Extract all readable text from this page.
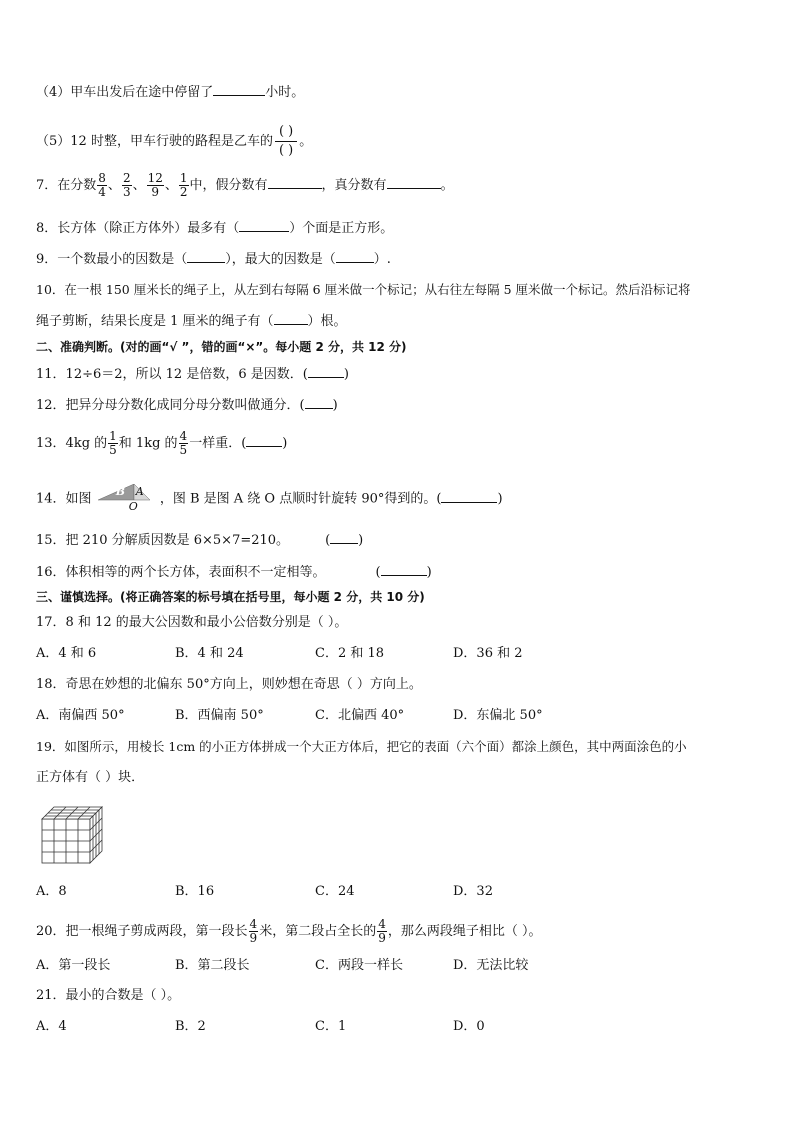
（4）甲车出发后在途中停留了	小时。
（5）12 时整，甲车行驶的路程是乙车的
( )
( )
。
7．在分数 $\frac{8}{4}$ 、 $\frac{2}{3}$ 、 $\frac{12}{9}$ 、 $\frac{1}{2}$ 中，假分数有	，真分数有	。
8．长方体（除正方体外）最多有（	）个面是正方形。
9．一个数最小的因数是（	），最大的因数是（	）.
10．在一根 150 厘米长的绳子上，从左到右每隔 6 厘米做一个标记；从右往左每隔 5 厘米做一个标记。然后沿标记将
绳子剪断，结果长度是 1 厘米的绳子有（	）根。
二、准确判断。(对的画“√ ”，错的画“×”。每小题 2 分，共 12 分)
11．12÷6＝2，所以 12 是倍数，6 是因数．(	)
12．把异分母分数化成同分母分数叫做通分．( )
13．4kg 的 $\frac{1}{5}$ 和 1kg 的 $\frac{4}{5}$ 一样重．(	)
14．如图 B A
O ，图 B 是图 A 绕 O 点顺时针旋转 90°得到的。(	)
15．把 210 分解质因数是 6×5×7=210。	( )
16．体积相等的两个长方体，表面积不一定相等。	(	)
三、谨慎选择。(将正确答案的标号填在括号里，每小题 2 分，共 10 分)
17．8 和 12 的最大公因数和最小公倍数分别是（ ）。
A．4 和 6	B．4 和 24	C．2 和 18	D．36 和 2
18．奇思在妙想的北偏东 50°方向上，则妙想在奇思（ ）方向上。
A．南偏西 50°	B．西偏南 50°	C．北偏西 40°	D．东偏北 50°
19．如图所示，用棱长 1cm 的小正方体拼成一个大正方体后，把它的表面（六个面）都涂上颜色，其中两面涂色的小
正方体有（ ）块．
A．8	B．16	C．24	D．32
20．把一根绳子剪成两段，第一段长 $\frac{4}{9}$ 米，第二段占全长的 $\frac{4}{9}$ ，那么两段绳子相比（ ）。
A．第一段长	B．第二段长	C．两段一样长	D．无法比较
21．最小的合数是（ ）。
A．4	B．2	C．1	D．0
